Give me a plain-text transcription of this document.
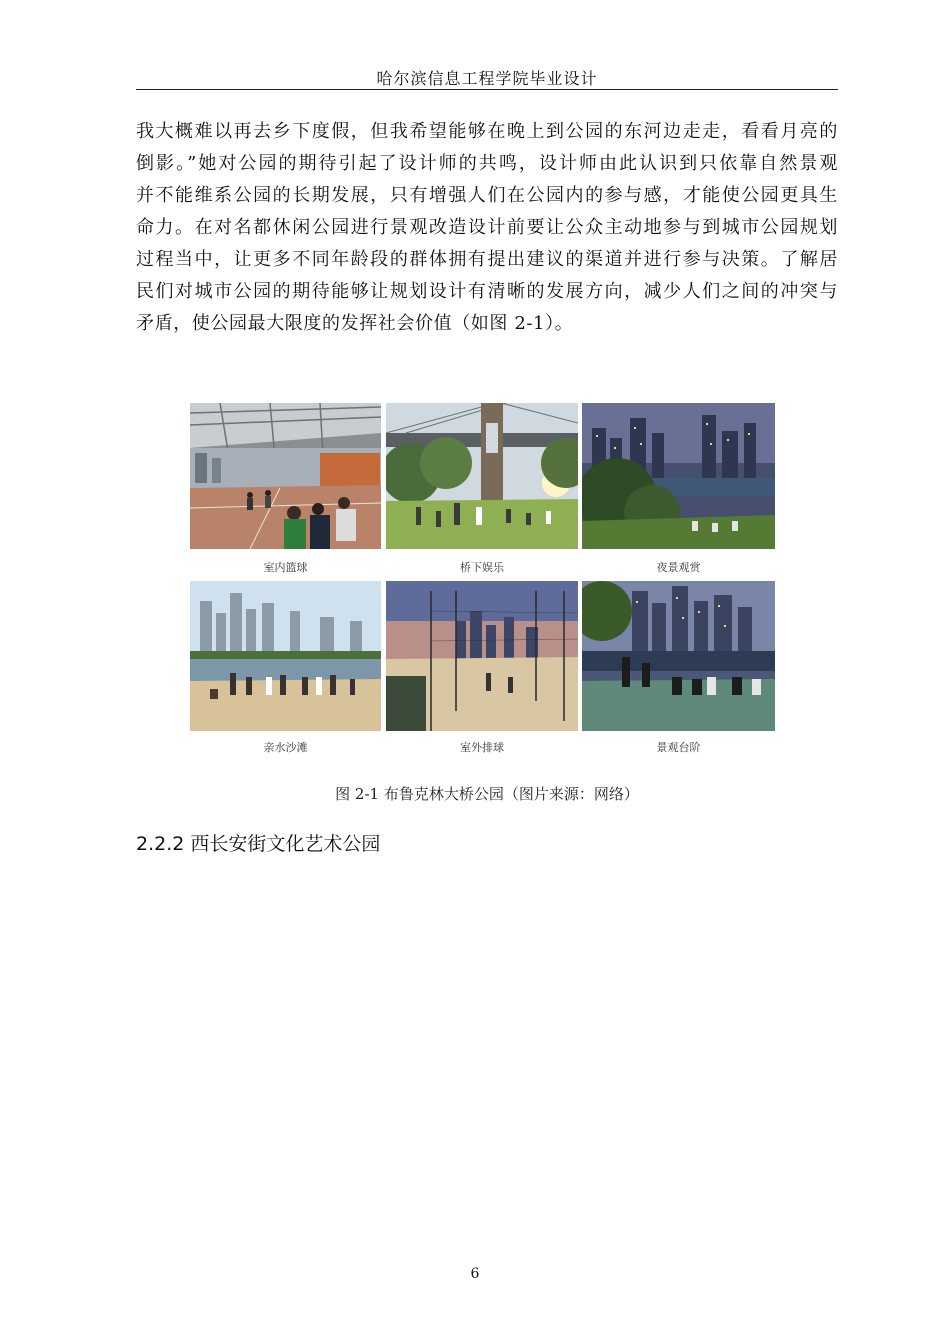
哈尔滨信息工程学院毕业设计
我大概难以再去乡下度假，但我希望能够在晚上到公园的东河边走走，看看月亮的
倒影。”她对公园的期待引起了设计师的共鸣，设计师由此认识到只依靠自然景观
并不能维系公园的长期发展，只有增强人们在公园内的参与感，才能使公园更具生
命力。在对名都休闲公园进行景观改造设计前要让公众主动地参与到城市公园规划
过程当中，让更多不同年龄段的群体拥有提出建议的渠道并进行参与决策。了解居
民们对城市公园的期待能够让规划设计有清晰的发展方向，减少人们之间的冲突与
矛盾，使公园最大限度的发挥社会价值（如图 2-1）。
室内篮球	桥下娱乐	夜景观赏
亲水沙滩	室外排球	景观台阶
图 2-1 布鲁克林大桥公园（图片来源：网络）
2.2.2 西长安街文化艺术公园
6
